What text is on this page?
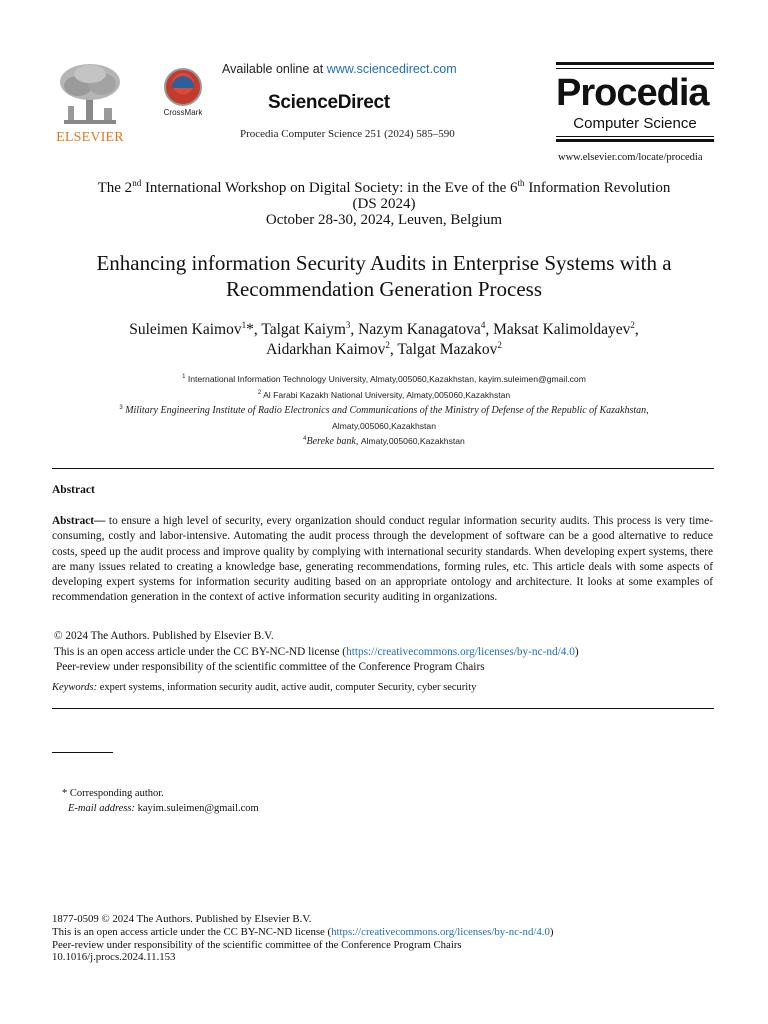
ELSEVIER
CrossMark
Available online at www.sciencedirect.com
ScienceDirect
Procedia Computer Science 251 (2024) 585–590
Procedia
Computer Science
www.elsevier.com/locate/procedia
The 2nd International Workshop on Digital Society: in the Eve of the 6th Information Revolution
(DS 2024)
October 28-30, 2024, Leuven, Belgium
Enhancing information Security Audits in Enterprise Systems with a
Recommendation Generation Process
Suleimen Kaimov$^1$*, Talgat Kaiym$^3$, Nazym Kanagatova$^4$, Maksat Kalimoldayev$^2$,
Aidarkhan Kaimov$^2$, Talgat Mazakov$^2$
$^1$ International Information Technology University, Almaty,005060,Kazakhstan, kayim.suleimen@gmail.com
$^2$ Al Farabi Kazakh National University, Almaty,005060,Kazakhstan
$^3$ Military Engineering Institute of Radio Electronics and Communications of the Ministry of Defense of the Republic of Kazakhstan,
Almaty,005060,Kazakhstan
$^4$Bereke bank, Almaty,005060,Kazakhstan
Abstract
Abstract— to ensure a high level of security, every organization should conduct regular information security audits. This process is very time-consuming, costly and labor-intensive. Automating the audit process through the development of software can be a good alternative to reduce costs, speed up the audit process and improve quality by complying with international security standards. When developing expert systems, there are many issues related to creating a knowledge base, generating recommendations, forming rules, etc. This article deals with some aspects of developing expert systems for information security auditing based on an appropriate ontology and architecture. It looks at some examples of recommendation generation in the context of active information security auditing in organizations.
© 2024 The Authors. Published by Elsevier B.V.
This is an open access article under the CC BY-NC-ND license (https://creativecommons.org/licenses/by-nc-nd/4.0)
Peer-review under responsibility of the scientific committee of the Conference Program Chairs
Keywords: expert systems, information security audit, active audit, computer Security, cyber security
* Corresponding author.
E-mail address: kayim.suleimen@gmail.com
1877-0509 © 2024 The Authors. Published by Elsevier B.V.
This is an open access article under the CC BY-NC-ND license (https://creativecommons.org/licenses/by-nc-nd/4.0)
Peer-review under responsibility of the scientific committee of the Conference Program Chairs
10.1016/j.procs.2024.11.153
